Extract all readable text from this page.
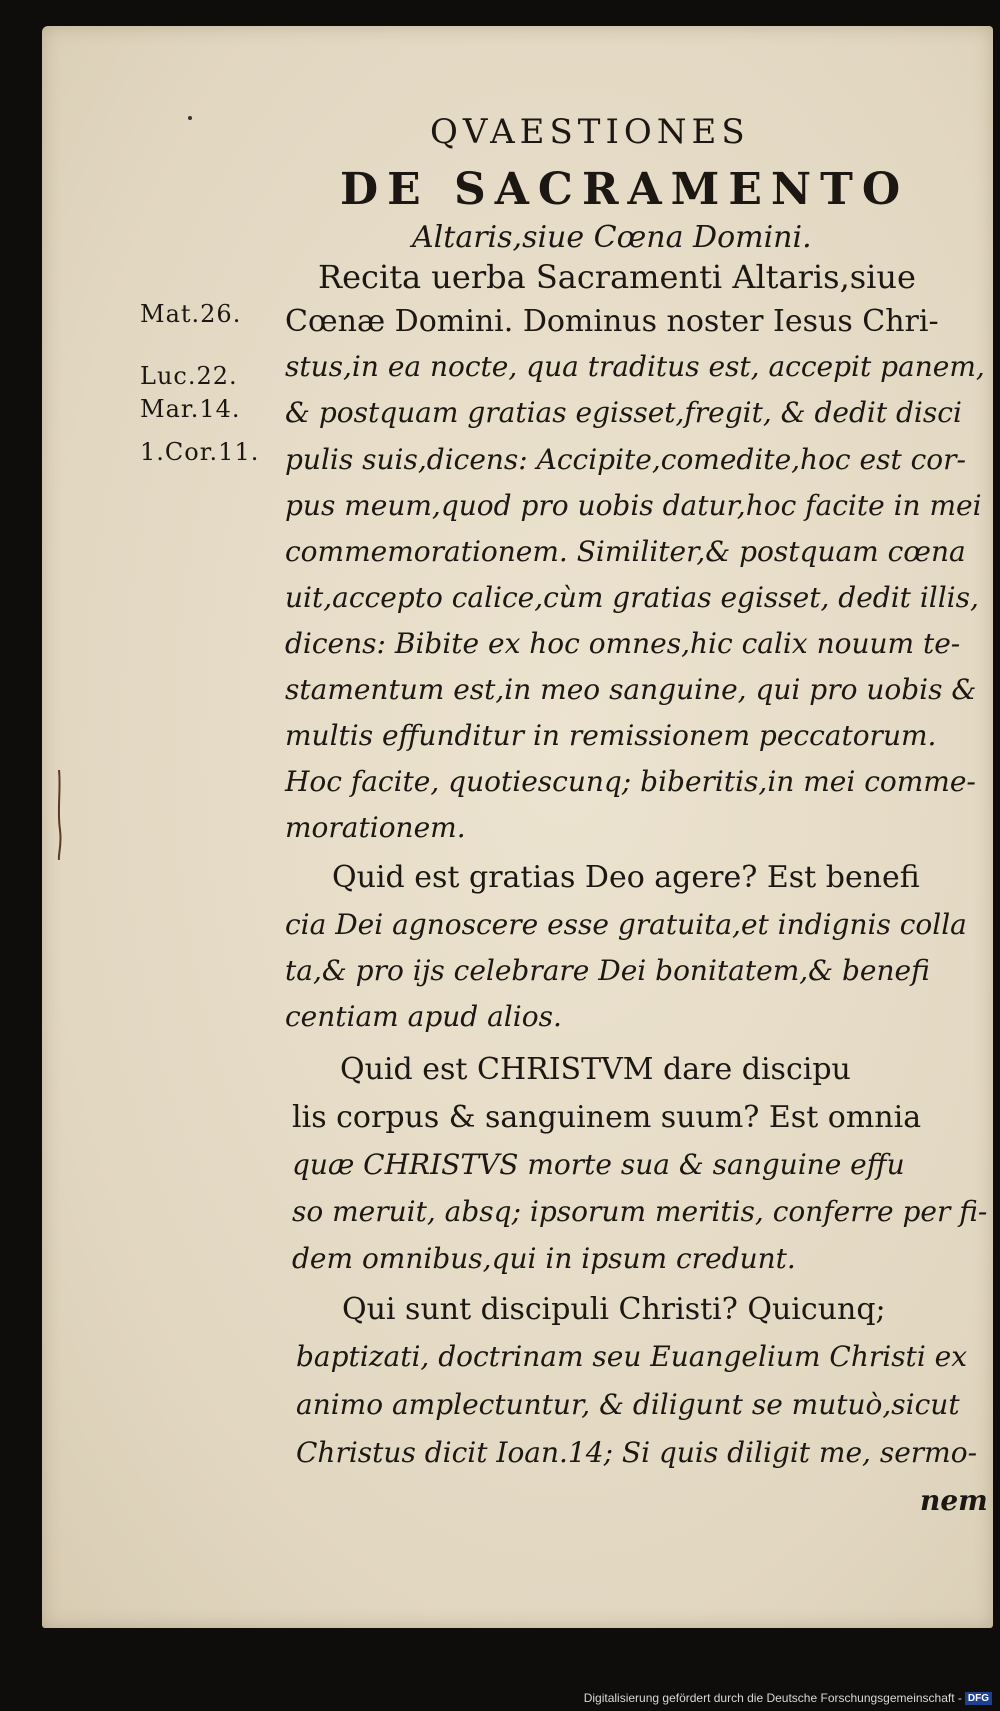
QVAESTIONES
DE SACRAMENTO
Altaris,siue Cœna Domini.
Mat.26.
Luc.22.
Mar.14.
1.Cor.11.
Recita uerba Sacramenti Altaris,siue
Cœnæ Domini. Dominus noster Iesus Chri-
stus,in ea nocte, qua traditus est, accepit panem,
& postquam gratias egisset,fregit, & dedit disci
pulis suis,dicens: Accipite,comedite,hoc est cor-
pus meum,quod pro uobis datur,hoc facite in mei
commemorationem. Similiter,& postquam cœna
uit,accepto calice,cùm gratias egisset, dedit illis,
dicens: Bibite ex hoc omnes,hic calix nouum te-
stamentum est,in meo sanguine, qui pro uobis &
multis effunditur in remissionem peccatorum.
Hoc facite, quotiescunq; biberitis,in mei comme-
morationem.
Quid est gratias Deo agere? Est benefi
cia Dei agnoscere esse gratuita,et indignis colla
ta,& pro ijs celebrare Dei bonitatem,& benefi
centiam apud alios.
Quid est CHRISTVM dare discipu
lis corpus & sanguinem suum? Est omnia
quæ CHRISTVS morte sua & sanguine effu
so meruit, absq; ipsorum meritis, conferre per fi-
dem omnibus,qui in ipsum credunt.
Qui sunt discipuli Christi? Quicunq;
baptizati, doctrinam seu Euangelium Christi ex
animo amplectuntur, & diligunt se mutuò,sicut
Christus dicit Ioan.14; Si quis diligit me, sermo-
nem
Digitalisierung gefördert durch die Deutsche Forschungsgemeinschaft - DFG
